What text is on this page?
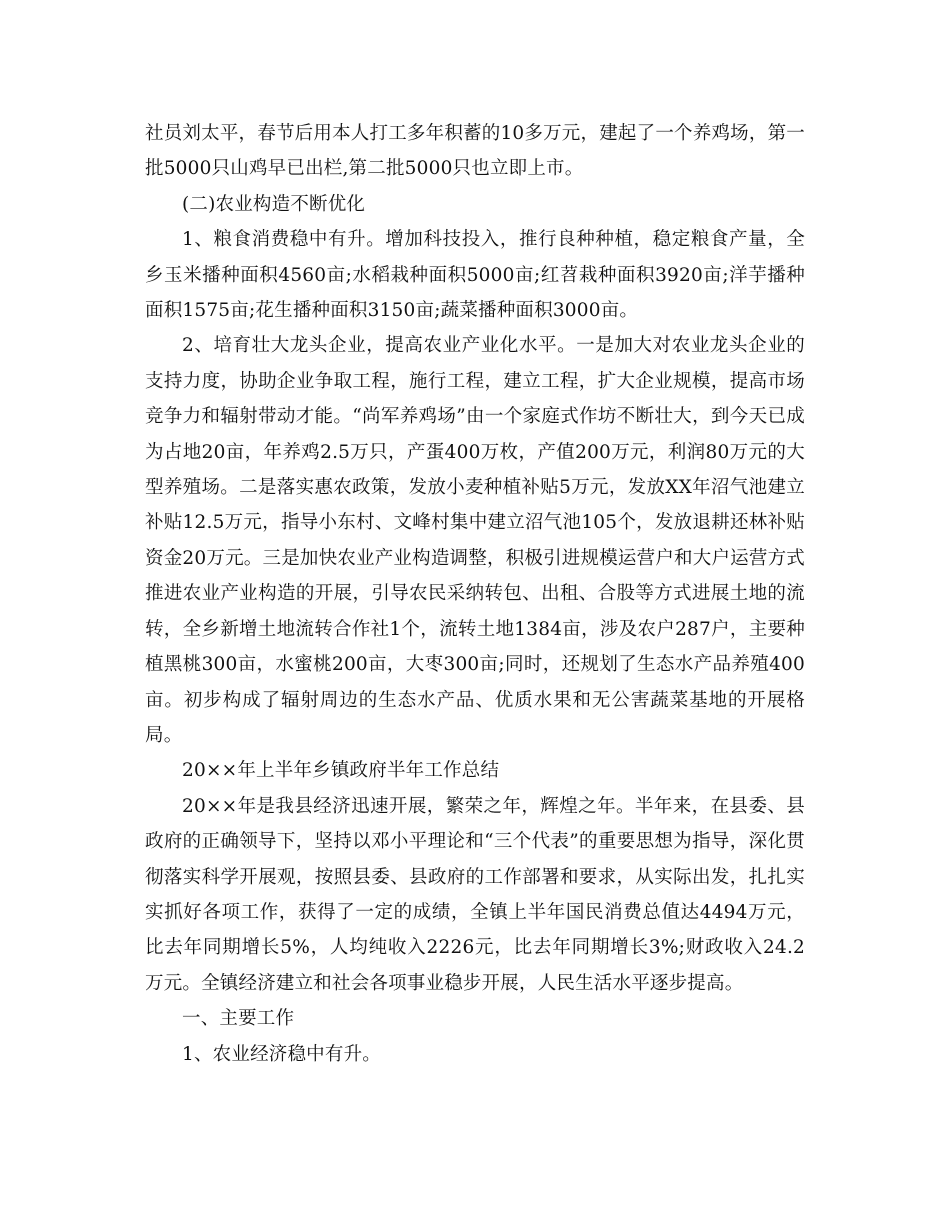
社员刘太平，春节后用本人打工多年积蓄的10多万元，建起了一个养鸡场，第一批5000只山鸡早已出栏,第二批5000只也立即上市。

(二)农业构造不断优化

1、粮食消费稳中有升。增加科技投入，推行良种种植，稳定粮食产量，全乡玉米播种面积4560亩;水稻栽种面积5000亩;红苕栽种面积3920亩;洋芋播种面积1575亩;花生播种面积3150亩;蔬菜播种面积3000亩。

2、培育壮大龙头企业，提高农业产业化水平。一是加大对农业龙头企业的支持力度，协助企业争取工程，施行工程，建立工程，扩大企业规模，提高市场竞争力和辐射带动才能。“尚军养鸡场”由一个家庭式作坊不断壮大，到今天已成为占地20亩，年养鸡2.5万只，产蛋400万枚，产值200万元，利润80万元的大型养殖场。二是落实惠农政策，发放小麦种植补贴5万元，发放XX年沼气池建立补贴12.5万元，指导小东村、文峰村集中建立沼气池105个，发放退耕还林补贴资金20万元。三是加快农业产业构造调整，积极引进规模运营户和大户运营方式推进农业产业构造的开展，引导农民采纳转包、出租、合股等方式进展土地的流转，全乡新增土地流转合作社1个，流转土地1384亩，涉及农户287户，主要种植黑桃300亩，水蜜桃200亩，大枣300亩;同时，还规划了生态水产品养殖400亩。初步构成了辐射周边的生态水产品、优质水果和无公害蔬菜基地的开展格局。

20××年上半年乡镇政府半年工作总结

20××年是我县经济迅速开展，繁荣之年，辉煌之年。半年来，在县委、县政府的正确领导下，坚持以邓小平理论和“三个代表”的重要思想为指导，深化贯彻落实科学开展观，按照县委、县政府的工作部署和要求，从实际出发，扎扎实实抓好各项工作，获得了一定的成绩，全镇上半年国民消费总值达4494万元，比去年同期增长5%，人均纯收入2226元，比去年同期增长3%;财政收入24.2万元。全镇经济建立和社会各项事业稳步开展，人民生活水平逐步提高。

一、主要工作

1、农业经济稳中有升。
